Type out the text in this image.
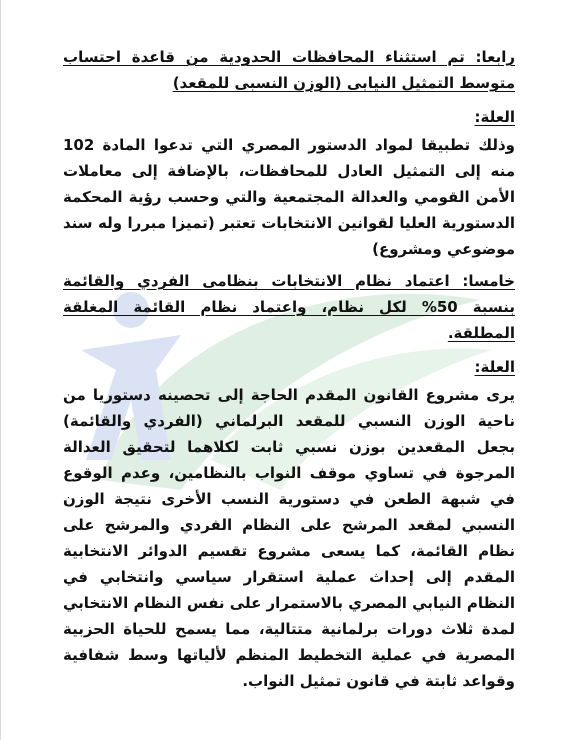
رابعا: تم استثناء المحافظات الحدودية من قاعدة احتساب متوسط التمثيل النيابى (الوزن النسبى للمقعد)

العلة:

وذلك تطبيقا لمواد الدستور المصري التي تدعوا المادة 102 منه إلى التمثيل العادل للمحافظات، بالإضافة إلى معاملات الأمن القومي والعدالة المجتمعية والتي وحسب رؤية المحكمة الدستورية العليا لقوانين الانتخابات تعتبر (تميزا مبررا وله سند موضوعي ومشروع)

خامسا: اعتماد نظام الانتخابات بنظامى الفردي والقائمة بنسبة 50% لكل نظام، واعتماد نظام القائمة المغلقة المطلقة.

العلة:

يرى مشروع القانون المقدم الحاجة إلى تحصينه دستوريا من ناحية الوزن النسبي للمقعد البرلماني (الفردي والقائمة) بجعل المقعدين بوزن نسبي ثابت لكلاهما لتحقيق العدالة المرجوة في تساوي موقف النواب بالنظامين، وعدم الوقوع في شبهة الطعن في دستورية النسب الأخرى نتيجة الوزن النسبي لمقعد المرشح على النظام الفردي والمرشح على نظام القائمة، كما يسعى مشروع تقسيم الدوائر الانتخابية المقدم إلى إحداث عملية استقرار سياسي وانتخابي في النظام النيابي المصري بالاستمرار على نفس النظام الانتخابي لمدة ثلاث دورات برلمانية متتالية، مما يسمح للحياة الحزبية المصرية في عملية التخطيط المنظم لألياتها وسط شفافية وقواعد ثابتة في قانون تمثيل النواب.
